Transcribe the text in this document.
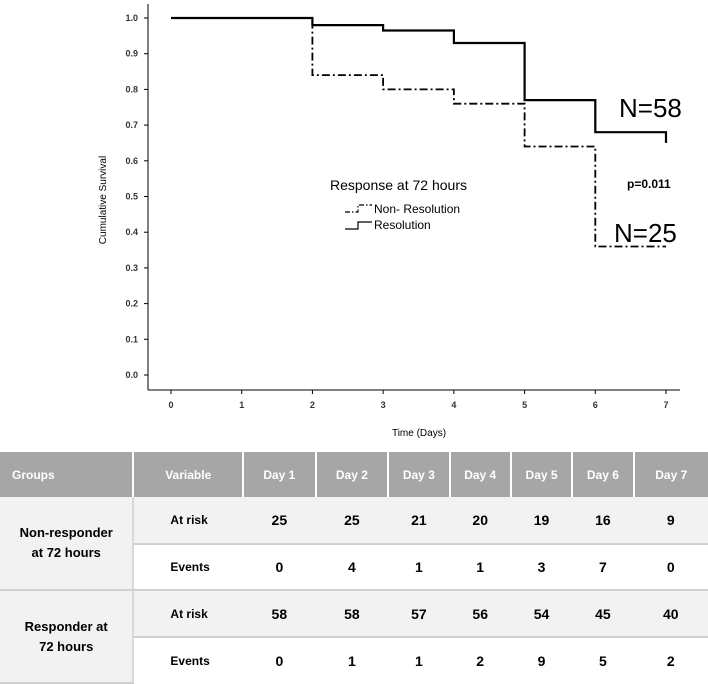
0.0
0.1
0.2
0.3
0.4
0.5
0.6
0.7
0.8
0.9
1.0
0	1	2	3	4	5	6	7
Time (Days)
Cumulative Survival	Response at 72 hours
Non- Resolution
Resolution
N=58
N=25
p=0.011
Groups	Variable	Day 1	Day 2	Day 3	Day 4	Day 5	Day 6	Day 7
Non-responder
at 72 hours	At risk	25	25	21	20	19	16	9
	Events	0	4	1	1	3	7	0
Responder at
72 hours	At risk	58	58	57	56	54	45	40
	Events	0	1	1	2	9	5	2
